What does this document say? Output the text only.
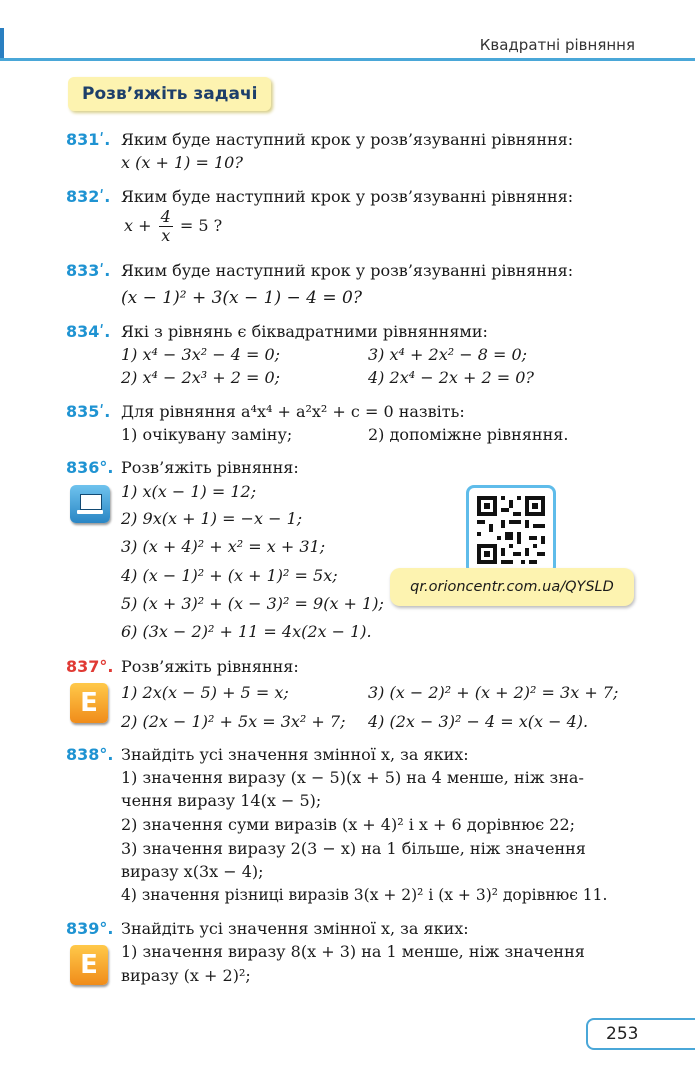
Квадратні рівняння
Розв’яжіть задачі
831ʹ. Яким буде наступний крок у розв’язуванні рівняння:
x (x + 1) = 10?
832ʹ. Яким буде наступний крок у розв’язуванні рівняння:
$x + \frac{4}{x} = 5$ ?
833ʹ. Яким буде наступний крок у розв’язуванні рівняння:
(x − 1)² + 3(x − 1) − 4 = 0?
834ʹ. Які з рівнянь є біквадратними рівняннями:
1) x⁴ − 3x² − 4 = 0;	3) x⁴ + 2x² − 8 = 0;
2) x⁴ − 2x³ + 2 = 0;	4) 2x⁴ − 2x + 2 = 0?
835ʹ. Для рівняння a⁴x⁴ + a²x² + c = 0 назвіть:
1) очікувану заміну;	2) допоміжне рівняння.
836°. Розв’яжіть рівняння:
1) x(x − 1) = 12;
2) 9x(x + 1) = −x − 1;
3) (x + 4)² + x² = x + 31;
4) (x − 1)² + (x + 1)² = 5x;
5) (x + 3)² + (x − 3)² = 9(x + 1);
6) (3x − 2)² + 11 = 4x(2x − 1).
qr.orioncentr.com.ua/QYSLD
837°. Розв’яжіть рівняння:
E	1) 2x(x − 5) + 5 = x;	3) (x − 2)² + (x + 2)² = 3x + 7;
2) (2x − 1)² + 5x = 3x² + 7; 4) (2x − 3)² − 4 = x(x − 4).
838°. Знайдіть усі значення змінної x, за яких:
1) значення виразу (x − 5)(x + 5) на 4 менше, ніж зна-
чення виразу 14(x − 5);
2) значення суми виразів (x + 4)² і x + 6 дорівнює 22;
3) значення виразу 2(3 − x) на 1 більше, ніж значення
виразу x(3x − 4);
4) значення різниці виразів 3(x + 2)² і (x + 3)² дорівнює 11.
839°. Знайдіть усі значення змінної x, за яких:
E	1) значення виразу 8(x + 3) на 1 менше, ніж значення
виразу (x + 2)²;
253
